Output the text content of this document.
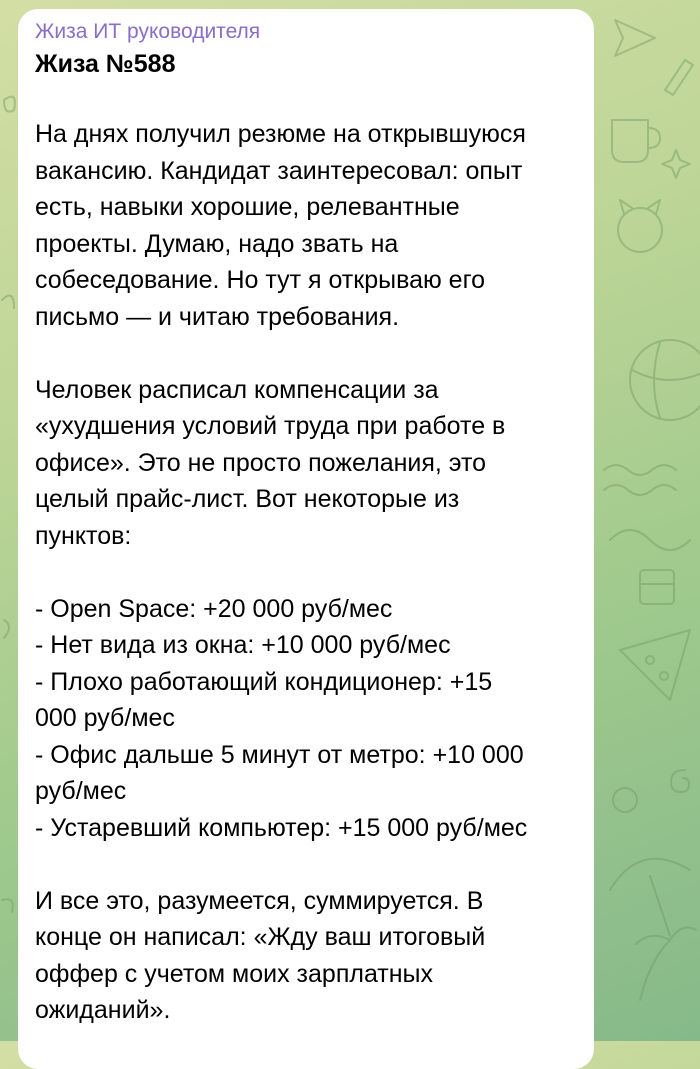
Жиза ИТ руководителя
Жиза №588

На днях получил резюме на открывшуюся
вакансию. Кандидат заинтересовал: опыт
есть, навыки хорошие, релевантные
проекты. Думаю, надо звать на
собеседование. Но тут я открываю его
письмо — и читаю требования.

Человек расписал компенсации за
«ухудшения условий труда при работе в
офисе». Это не просто пожелания, это
целый прайс-лист. Вот некоторые из
пунктов:

- Open Space: +20 000 руб/мес
- Нет вида из окна: +10 000 руб/мес
- Плохо работающий кондиционер: +15
000 руб/мес
- Офис дальше 5 минут от метро: +10 000
руб/мес
- Устаревший компьютер: +15 000 руб/мес

И все это, разумеется, суммируется. В
конце он написал: «Жду ваш итоговый
оффер с учетом моих зарплатных
ожиданий».
